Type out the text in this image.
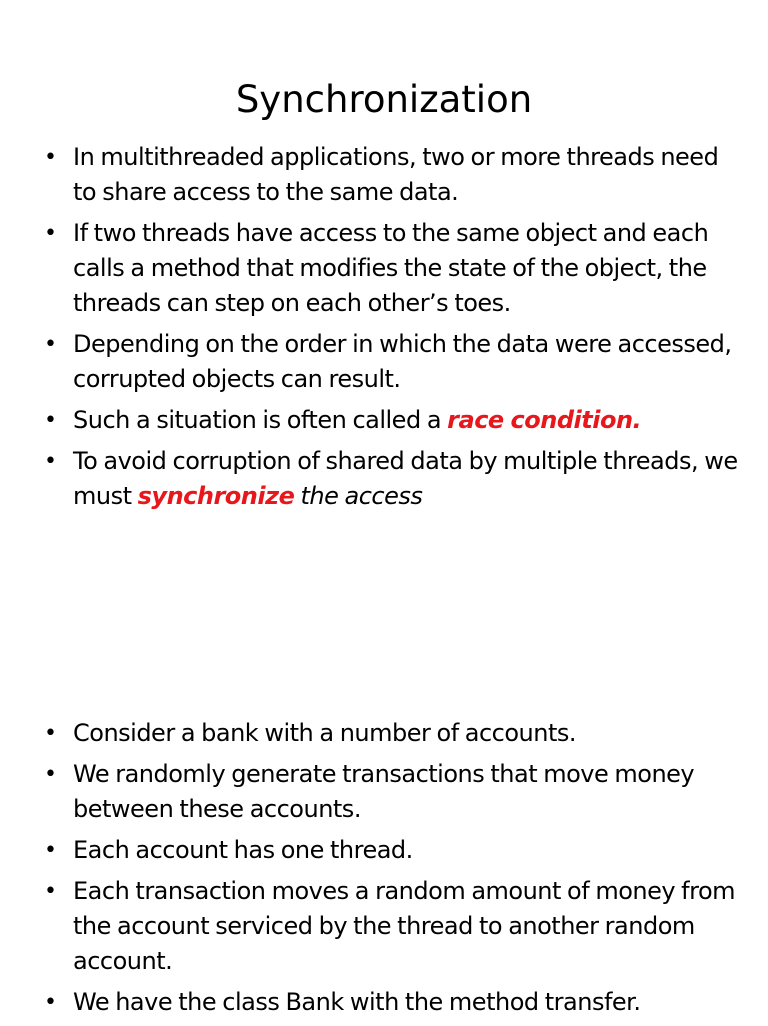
Synchronization
• In multithreaded applications, two or more threads need to share access to the same data.
• If two threads have access to the same object and each calls a method that modifies the state of the object, the threads can step on each other’s toes.
• Depending on the order in which the data were accessed, corrupted objects can result.
• Such a situation is often called a race condition.
• To avoid corruption of shared data by multiple threads, we must synchronize the access
• Consider a bank with a number of accounts.
• We randomly generate transactions that move money between these accounts.
• Each account has one thread.
• Each transaction moves a random amount of money from the account serviced by the thread to another random account.
• We have the class Bank with the method transfer.
